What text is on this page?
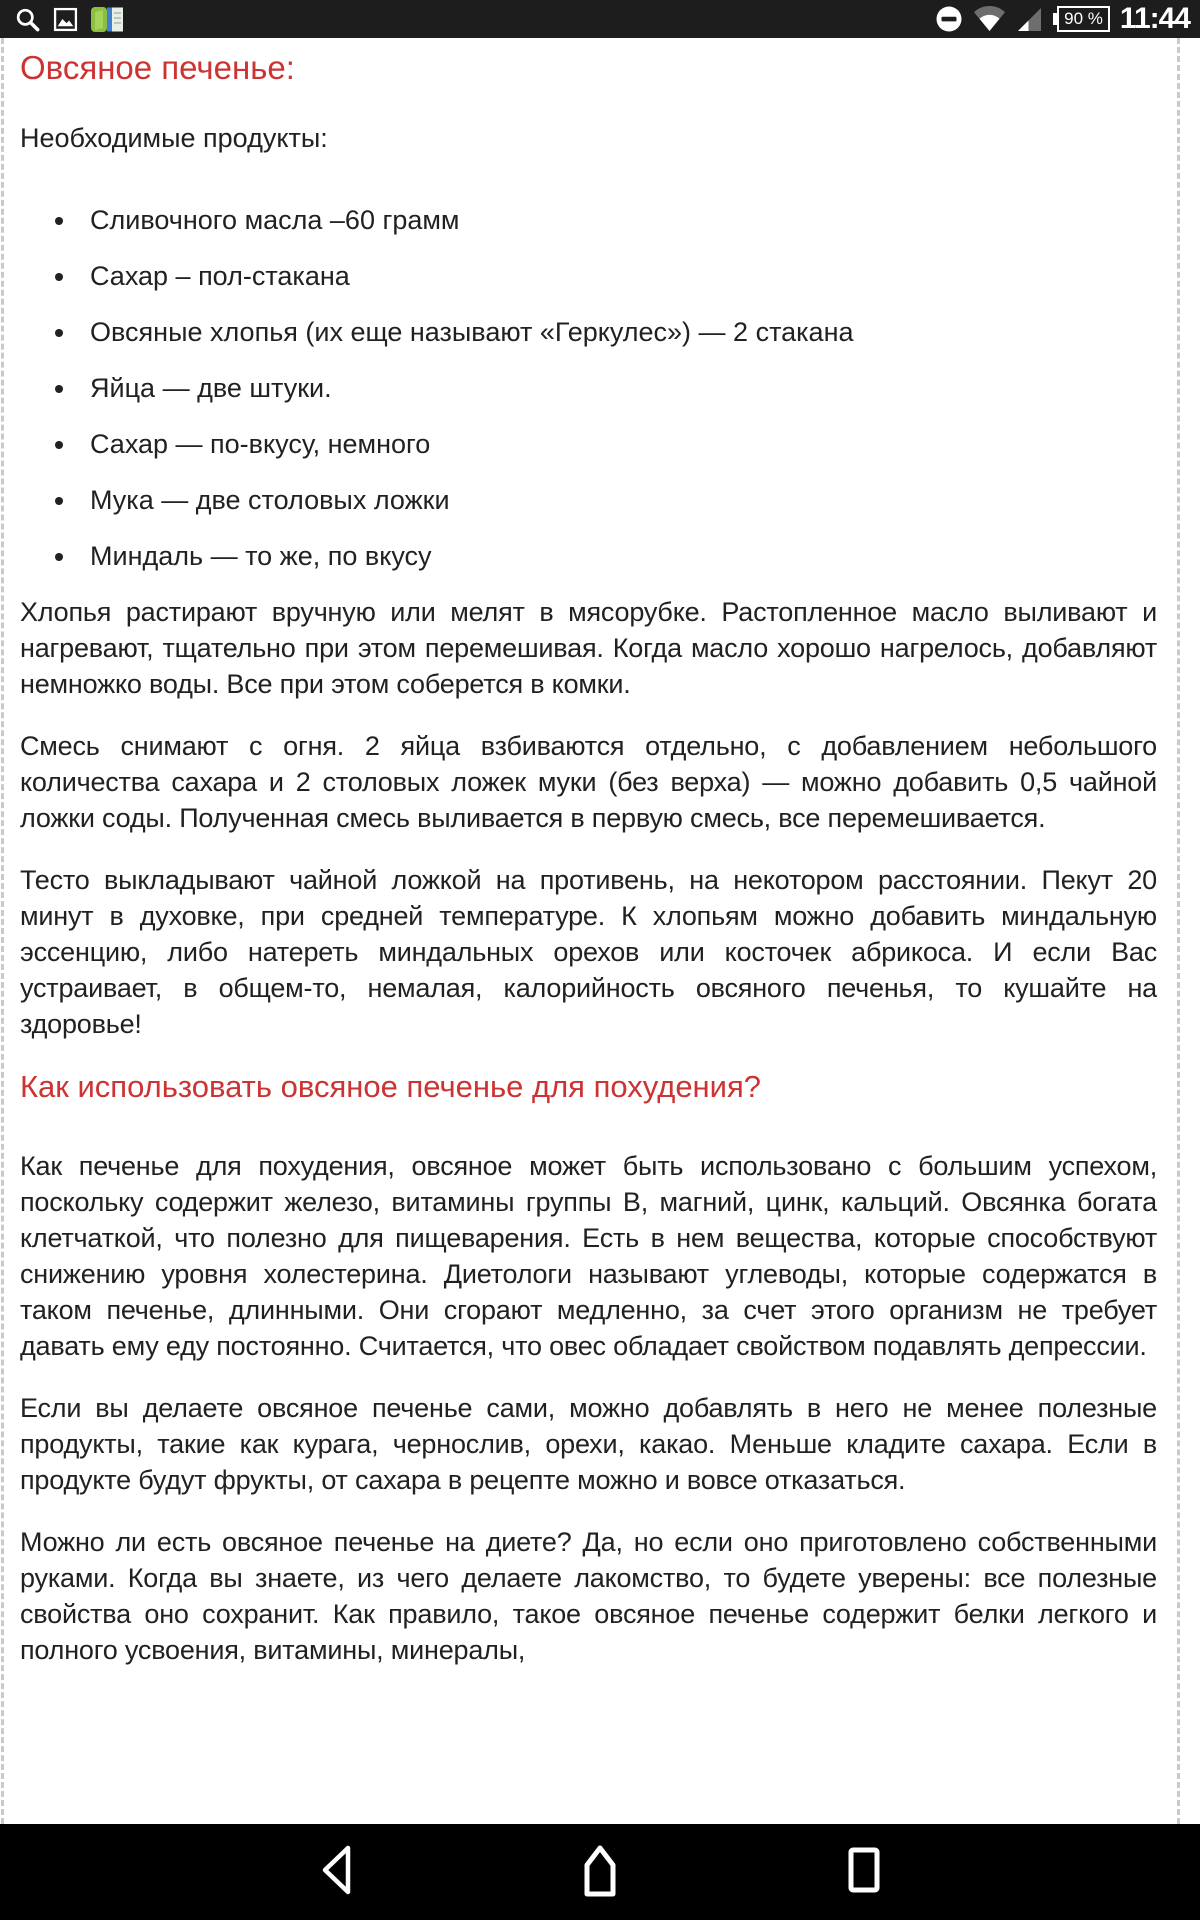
90 % 11:44
Овсяное печенье:

Необходимые продукты:

• Сливочного масла –60 грамм
• Сахар – пол-стакана
• Овсяные хлопья (их еще называют «Геркулес») — 2 стакана
• Яйца — две штуки.
• Сахар — по-вкусу, немного
• Мука — две столовых ложки
• Миндаль — то же, по вкусу

Хлопья растирают вручную или мелят в мясорубке. Растопленное масло выливают и нагревают, тщательно при этом перемешивая. Когда масло хорошо нагрелось, добавляют немножко воды. Все при этом соберется в комки.

Смесь снимают с огня. 2 яйца взбиваются отдельно, с добавлением небольшого количества сахара и 2 столовых ложек муки (без верха) — можно добавить 0,5 чайной ложки соды. Полученная смесь выливается в первую смесь, все перемешивается.

Тесто выкладывают чайной ложкой на противень, на некотором расстоянии. Пекут 20 минут в духовке, при средней температуре. К хлопьям можно добавить миндальную эссенцию, либо натереть миндальных орехов или косточек абрикоса. И если Вас устраивает, в общем-то, немалая, калорийность овсяного печенья, то кушайте на здоровье!

Как использовать овсяное печенье для похудения?

Как печенье для похудения, овсяное может быть использовано с большим успехом, поскольку содержит железо, витамины группы В, магний, цинк, кальций. Овсянка богата клетчаткой, что полезно для пищеварения. Есть в нем вещества, которые способствуют снижению уровня холестерина. Диетологи называют углеводы, которые содержатся в таком печенье, длинными. Они сгорают медленно, за счет этого организм не требует давать ему еду постоянно. Считается, что овес обладает свойством подавлять депрессии.

Если вы делаете овсяное печенье сами, можно добавлять в него не менее полезные продукты, такие как курага, чернослив, орехи, какао. Меньше кладите сахара. Если в продукте будут фрукты, от сахара в рецепте можно и вовсе отказаться.

Можно ли есть овсяное печенье на диете? Да, но если оно приготовлено собственными руками. Когда вы знаете, из чего делаете лакомство, то будете уверены: все полезные свойства оно сохранит. Как правило, такое овсяное печенье содержит белки легкого и полного усвоения, витамины, минералы,
